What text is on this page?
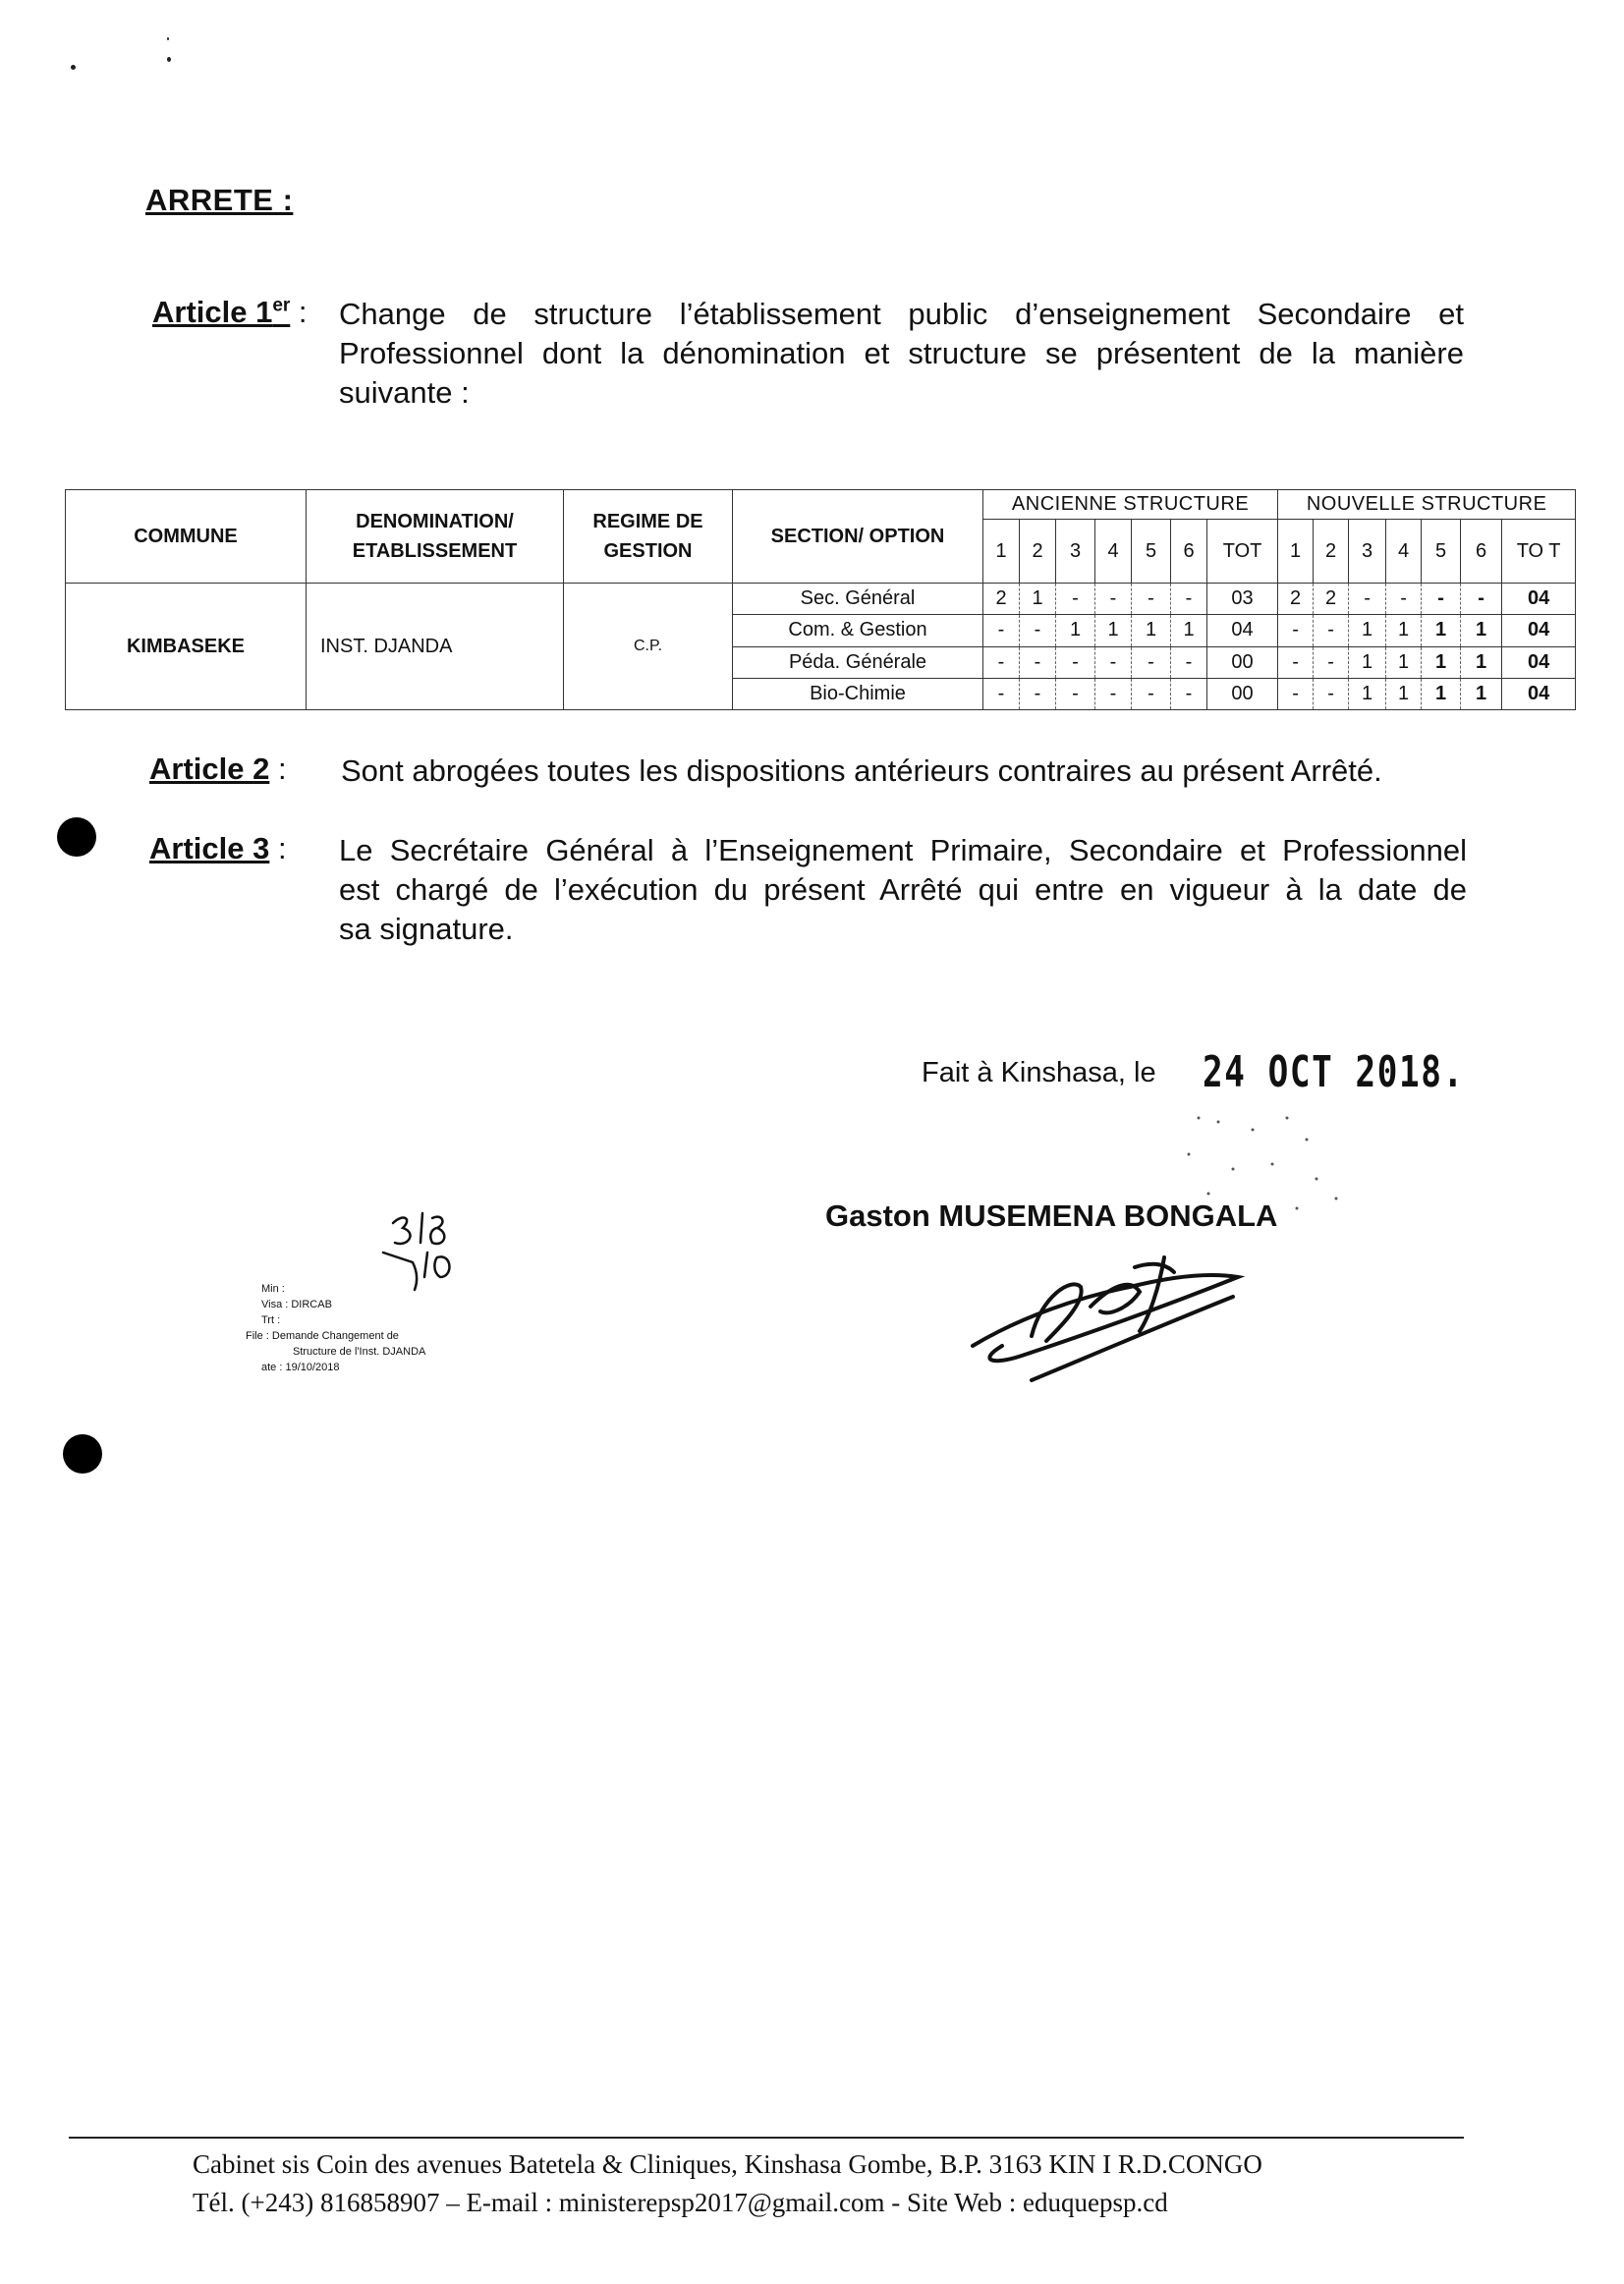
ARRETE :
Article 1er : Change de structure l’établissement public d’enseignement Secondaire et
Professionnel dont la dénomination et structure se présentent de la manière
suivante :
COMMUNE	DENOMINATION/ ETABLISSEMENT	REGIME DE GESTION	SECTION/ OPTION	ANCIENNE STRUCTURE							NOUVELLE STRUCTURE						
				1	2	3	4	5	6	TOT	1	2	3	4	5	6	TO T
KIMBASEKE	INST. DJANDA	C.P.	Sec. Général	2	1	-	-	-	-	03	2	2	-	-	-	-	04
			Com. & Gestion	-	-	1	1	1	1	04	-	-	1	1	1	1	04
			Péda. Générale	-	-	-	-	-	-	00	-	-	1	1	1	1	04
			Bio-Chimie	-	-	-	-	-	-	00	-	-	1	1	1	1	04
Article 2 : Sont abrogées toutes les dispositions antérieurs contraires au présent Arrêté.
Article 3 : Le Secrétaire Général à l’Enseignement Primaire, Secondaire et Professionnel
est chargé de l’exécution du présent Arrêté qui entre en vigueur à la date de
sa signature.
Fait à Kinshasa, le 24 OCT 2018.
Gaston MUSEMENA BONGALA
Min :
Visa : DIRCAB
Trt :
File : Demande Changement de
Structure de l'Inst. DJANDA
ate : 19/10/2018
Cabinet sis Coin des avenues Batetela & Cliniques, Kinshasa Gombe, B.P. 3163 KIN I R.D.CONGO
Tél. (+243) 816858907 – E-mail : ministerepsp2017@gmail.com - Site Web : eduquepsp.cd
